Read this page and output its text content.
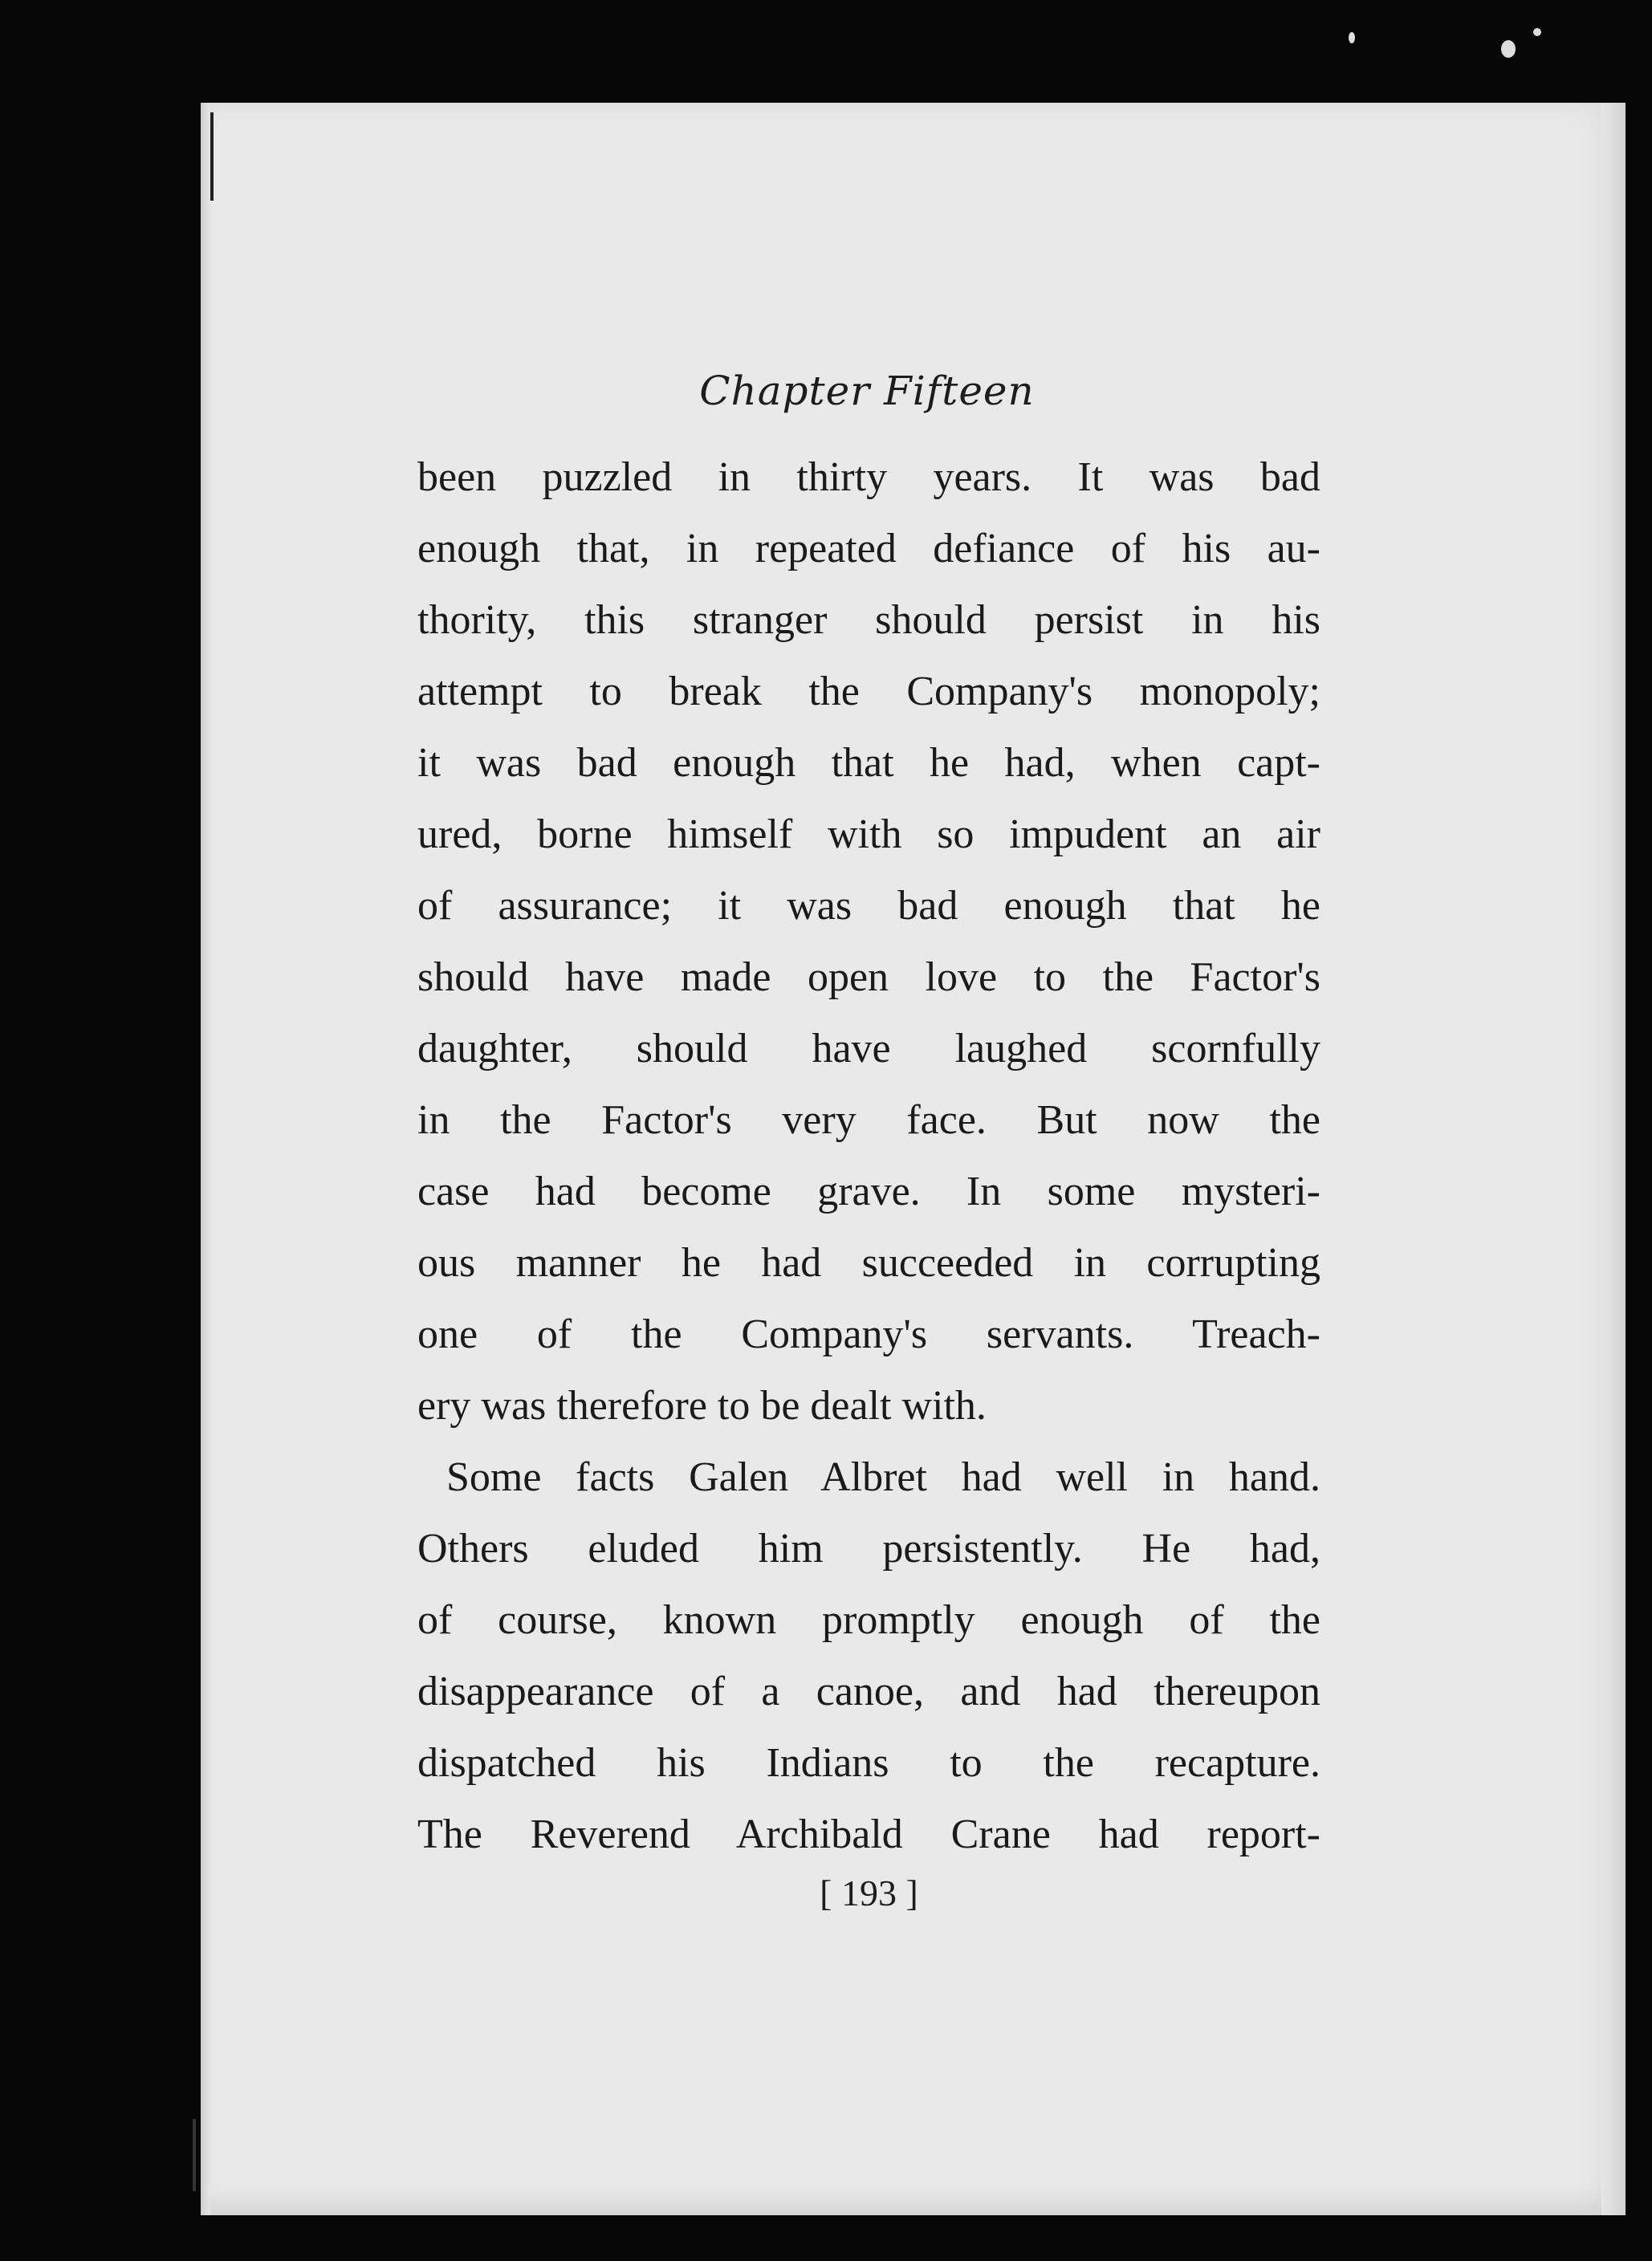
Chapter Fifteen
been puzzled in thirty years. It was bad
enough that, in repeated defiance of his au-
thority, this stranger should persist in his
attempt to break the Company's monopoly;
it was bad enough that he had, when capt-
ured, borne himself with so impudent an air
of assurance; it was bad enough that he
should have made open love to the Factor's
daughter, should have laughed scornfully
in the Factor's very face. But now the
case had become grave. In some mysteri-
ous manner he had succeeded in corrupting
one of the Company's servants. Treach-
ery was therefore to be dealt with.
Some facts Galen Albret had well in hand.
Others eluded him persistently. He had,
of course, known promptly enough of the
disappearance of a canoe, and had thereupon
dispatched his Indians to the recapture.
The Reverend Archibald Crane had report-
[ 193 ]
